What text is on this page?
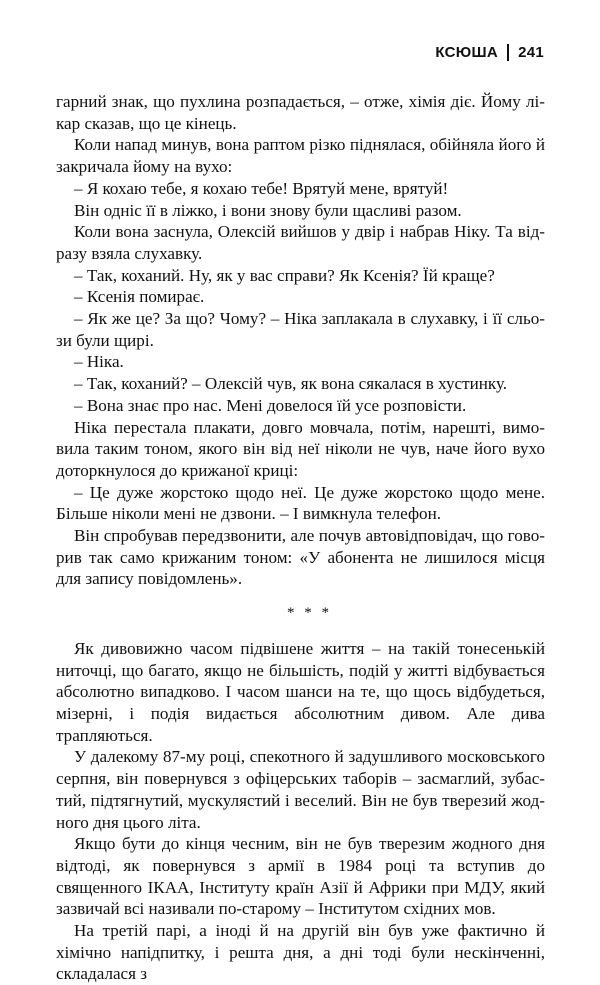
КСЮША 241

гарний знак, що пухлина розпадається, – отже, хімія діє. Йому лікар сказав, що це кінець.

Коли напад минув, вона раптом різко піднялася, обійняла його й закричала йому на вухо:

– Я кохаю тебе, я кохаю тебе! Врятуй мене, врятуй!

Він одніс її в ліжко, і вони знову були щасливі разом.

Коли вона заснула, Олексій вийшов у двір і набрав Ніку. Та відразу взяла слухавку.

– Так, коханий. Ну, як у вас справи? Як Ксенія? Їй краще?

– Ксенія помирає.

– Як же це? За що? Чому? – Ніка заплакала в слухавку, і її сльози були щирі.

– Ніка.

– Так, коханий? – Олексій чув, як вона сякалася в хустинку.

– Вона знає про нас. Мені довелося їй усе розповісти.

Ніка перестала плакати, довго мовчала, потім, нарешті, вимовила таким тоном, якого він від неї ніколи не чув, наче його вухо доторкнулося до крижаної криці:

– Це дуже жорстоко щодо неї. Це дуже жорстоко щодо мене. Більше ніколи мені не дзвони. – І вимкнула телефон.

Він спробував передзвонити, але почув автовідповідач, що говорив так само крижаним тоном: «У абонента не лишилося місця для запису повідомлень».

* * *

Як дивовижно часом підвішене життя – на такій тонесенькій ниточці, що багато, якщо не більшість, подій у житті відбувається абсолютно випадково. І часом шанси на те, що щось відбудеться, мізерні, і подія видається абсолютним дивом. Але дива трапляються.

У далекому 87-му році, спекотного й задушливого московського серпня, він повернувся з офіцерських таборів – засмаглий, зубастий, підтягнутий, мускулястий і веселий. Він не був тверезий жодного дня цього літа.

Якщо бути до кінця чесним, він не був тверезим жодного дня відтоді, як повернувся з армії в 1984 році та вступив до священного ІКАА, Інституту країн Азії й Африки при МДУ, який зазвичай всі називали по-старому – Інститутом східних мов.

На третій парі, а іноді й на другій він був уже фактично й хімічно напідпитку, і решта дня, а дні тоді були нескінченні, складалася з
